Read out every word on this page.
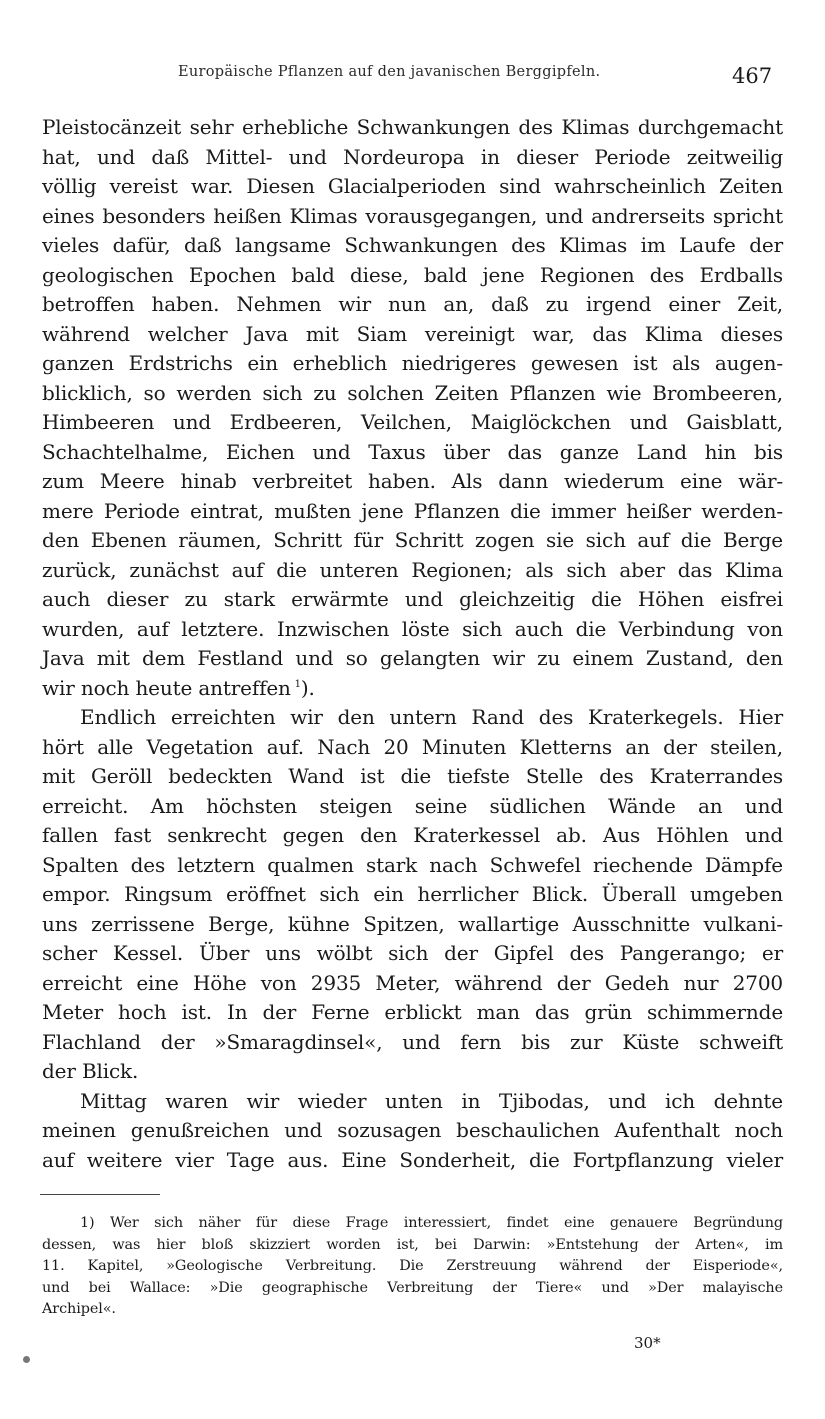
Europäische Pflanzen auf den javanischen Berggipfeln.	467
Pleistocänzeit sehr erhebliche Schwankungen des Klimas durchgemacht
hat, und daß Mittel- und Nordeuropa in dieser Periode zeitweilig
völlig vereist war. Diesen Glacialperioden sind wahrscheinlich Zeiten
eines besonders heißen Klimas vorausgegangen, und andrerseits spricht
vieles dafür, daß langsame Schwankungen des Klimas im Laufe der
geologischen Epochen bald diese, bald jene Regionen des Erdballs
betroffen haben. Nehmen wir nun an, daß zu irgend einer Zeit,
während welcher Java mit Siam vereinigt war, das Klima dieses
ganzen Erdstrichs ein erheblich niedrigeres gewesen ist als augen-
blicklich, so werden sich zu solchen Zeiten Pflanzen wie Brombeeren,
Himbeeren und Erdbeeren, Veilchen, Maiglöckchen und Gaisblatt,
Schachtelhalme, Eichen und Taxus über das ganze Land hin bis
zum Meere hinab verbreitet haben. Als dann wiederum eine wär-
mere Periode eintrat, mußten jene Pflanzen die immer heißer werden-
den Ebenen räumen, Schritt für Schritt zogen sie sich auf die Berge
zurück, zunächst auf die unteren Regionen; als sich aber das Klima
auch dieser zu stark erwärmte und gleichzeitig die Höhen eisfrei
wurden, auf letztere. Inzwischen löste sich auch die Verbindung von
Java mit dem Festland und so gelangten wir zu einem Zustand, den
wir noch heute antreffen  $^1$).
Endlich erreichten wir den untern Rand des Kraterkegels. Hier
hört alle Vegetation auf. Nach 20 Minuten Kletterns an der steilen,
mit Geröll bedeckten Wand ist die tiefste Stelle des Kraterrandes
erreicht. Am höchsten steigen seine südlichen Wände an und
fallen fast senkrecht gegen den Kraterkessel ab. Aus Höhlen und
Spalten des letztern qualmen stark nach Schwefel riechende Dämpfe
empor. Ringsum eröffnet sich ein herrlicher Blick. Überall umgeben
uns zerrissene Berge, kühne Spitzen, wallartige Ausschnitte vulkani-
scher Kessel. Über uns wölbt sich der Gipfel des Pangerango; er
erreicht eine Höhe von 2935 Meter, während der Gedeh nur 2700
Meter hoch ist. In der Ferne erblickt man das grün schimmernde
Flachland der »Smaragdinsel«, und fern bis zur Küste schweift
der Blick.
Mittag waren wir wieder unten in Tjibodas, und ich dehnte
meinen genußreichen und sozusagen beschaulichen Aufenthalt noch
auf weitere vier Tage aus. Eine Sonderheit, die Fortpflanzung vieler
1) Wer sich näher für diese Frage interessiert, findet eine genauere Begründung
dessen, was hier bloß skizziert worden ist, bei Darwin: »Entstehung der Arten«, im
11. Kapitel, »Geologische Verbreitung. Die Zerstreuung während der Eisperiode«,
und bei Wallace: »Die geographische Verbreitung der Tiere« und »Der malayische
Archipel«.
30*
